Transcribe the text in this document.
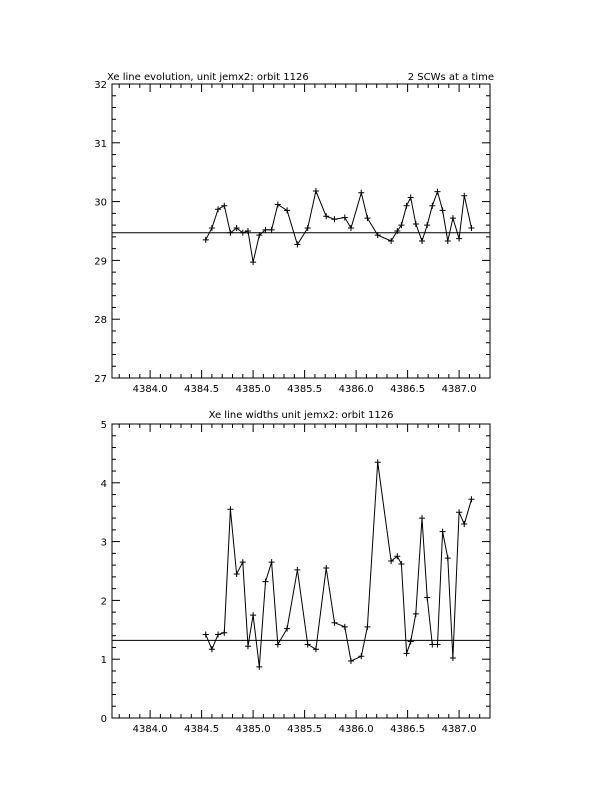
Xe line evolution, unit jemx2: orbit 1126	2 SCWs at a time
4384.0 4384.5 4385.0 4385.5 4386.0 4386.5 4387.0
27
28
29
30
31
32
Xe line widths unit jemx2: orbit 1126
4384.0 4384.5 4385.0 4385.5 4386.0 4386.5 4387.0
0
1
2
3
4
5
